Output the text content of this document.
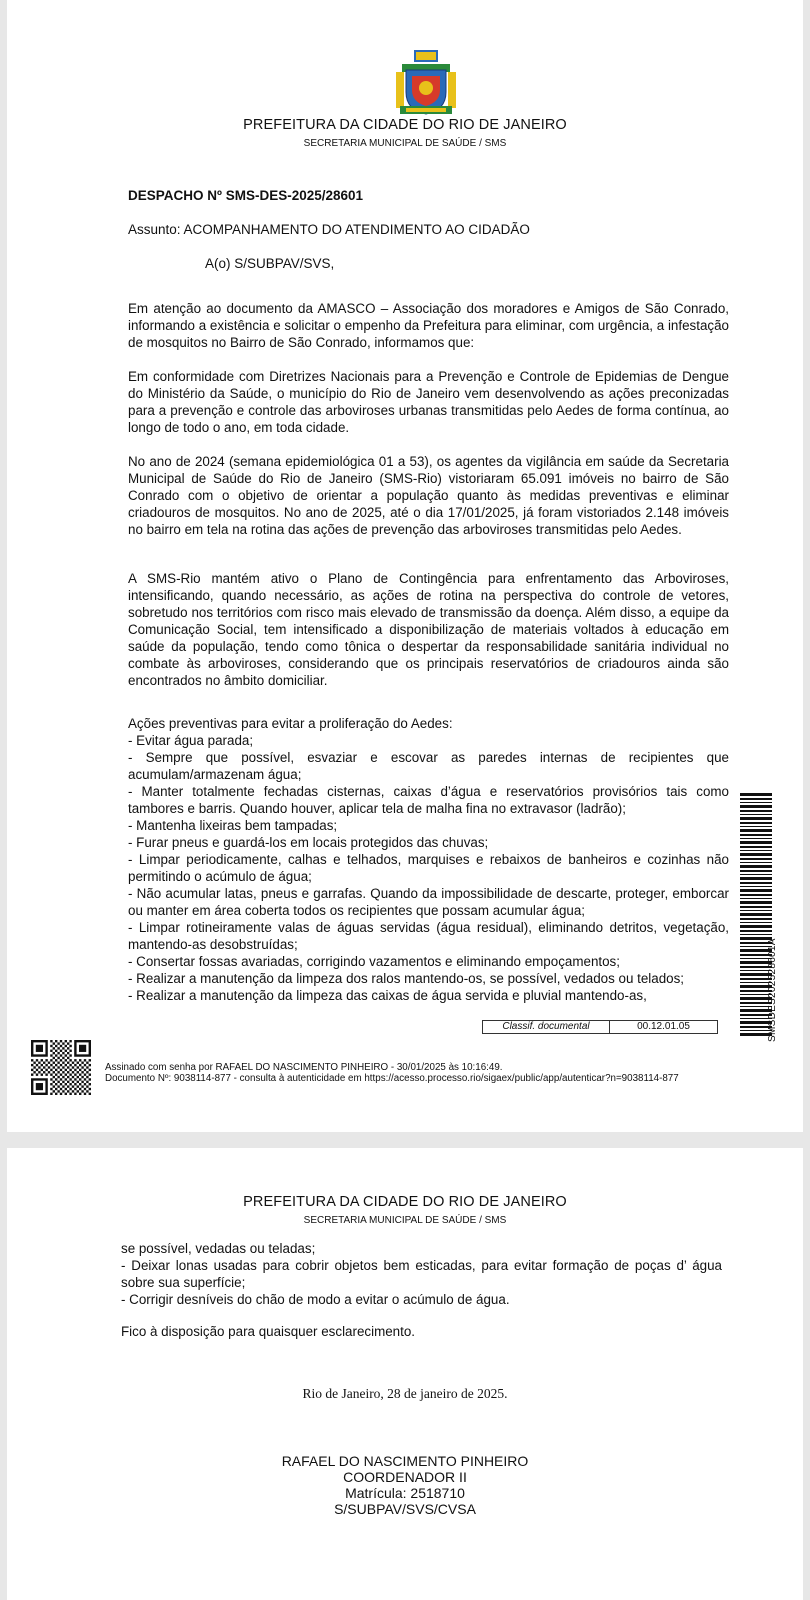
PREFEITURA DA CIDADE DO RIO DE JANEIRO
SECRETARIA MUNICIPAL DE SAÚDE / SMS
DESPACHO Nº SMS-DES-2025/28601
Assunto: ACOMPANHAMENTO DO ATENDIMENTO AO CIDADÃO
A(o) S/SUBPAV/SVS,

Em atenção ao documento da AMASCO – Associação dos moradores e Amigos de São Conrado, informando a existência e solicitar o empenho da Prefeitura para eliminar, com urgência, a infestação de mosquitos no Bairro de São Conrado, informamos que:

Em conformidade com Diretrizes Nacionais para a Prevenção e Controle de Epidemias de Dengue do Ministério da Saúde, o município do Rio de Janeiro vem desenvolvendo as ações preconizadas para a prevenção e controle das arboviroses urbanas transmitidas pelo Aedes de forma contínua, ao longo de todo o ano, em toda cidade.

No ano de 2024 (semana epidemiológica 01 a 53), os agentes da vigilância em saúde da Secretaria Municipal de Saúde do Rio de Janeiro (SMS-Rio) vistoriaram 65.091 imóveis no bairro de São Conrado com o objetivo de orientar a população quanto às medidas preventivas e eliminar criadouros de mosquitos. No ano de 2025, até o dia 17/01/2025, já foram vistoriados 2.148 imóveis no bairro em tela na rotina das ações de prevenção das arboviroses transmitidas pelo Aedes.

A SMS-Rio mantém ativo o Plano de Contingência para enfrentamento das Arboviroses, intensificando, quando necessário, as ações de rotina na perspectiva do controle de vetores, sobretudo nos territórios com risco mais elevado de transmissão da doença. Além disso, a equipe da Comunicação Social, tem intensificado a disponibilização de materiais voltados à educação em saúde da população, tendo como tônica o despertar da responsabilidade sanitária individual no combate às arboviroses, considerando que os principais reservatórios de criadouros ainda são encontrados no âmbito domiciliar.

Ações preventivas para evitar a proliferação do Aedes:

- Evitar água parada;

- Sempre que possível, esvaziar e escovar as paredes internas de recipientes que acumulam/armazenam água;

- Manter totalmente fechadas cisternas, caixas d’água e reservatórios provisórios tais como tambores e barris. Quando houver, aplicar tela de malha fina no extravasor (ladrão);

- Mantenha lixeiras bem tampadas;

- Furar pneus e guardá-los em locais protegidos das chuvas;

- Limpar periodicamente, calhas e telhados, marquises e rebaixos de banheiros e cozinhas não permitindo o acúmulo de água;

- Não acumular latas, pneus e garrafas. Quando da impossibilidade de descarte, proteger, emborcar ou manter em área coberta todos os recipientes que possam acumular água;

- Limpar rotineiramente valas de águas servidas (água residual), eliminando detritos, vegetação, mantendo-as desobstruídas;

- Consertar fossas avariadas, corrigindo vazamentos e eliminando empoçamentos;

- Realizar a manutenção da limpeza dos ralos mantendo-os, se possível, vedados ou telados;

- Realizar a manutenção da limpeza das caixas de água servida e pluvial mantendo-as,

Classif. documental	00.12.01.05	SMSDES202528601A
Assinado com senha por RAFAEL DO NASCIMENTO PINHEIRO - 30/01/2025 às 10:16:49.
Documento Nº: 9038114-877 - consulta à autenticidade em https://acesso.processo.rio/sigaex/public/app/autenticar?n=9038114-877
PREFEITURA DA CIDADE DO RIO DE JANEIRO
SECRETARIA MUNICIPAL DE SAÚDE / SMS

se possível, vedadas ou teladas;

- Deixar lonas usadas para cobrir objetos bem esticadas, para evitar formação de poças d’ água sobre sua superfície;

- Corrigir desníveis do chão de modo a evitar o acúmulo de água.

Fico à disposição para quaisquer esclarecimento.
Rio de Janeiro, 28 de janeiro de 2025.
RAFAEL DO NASCIMENTO PINHEIRO
COORDENADOR II
Matrícula: 2518710
S/SUBPAV/SVS/CVSA
